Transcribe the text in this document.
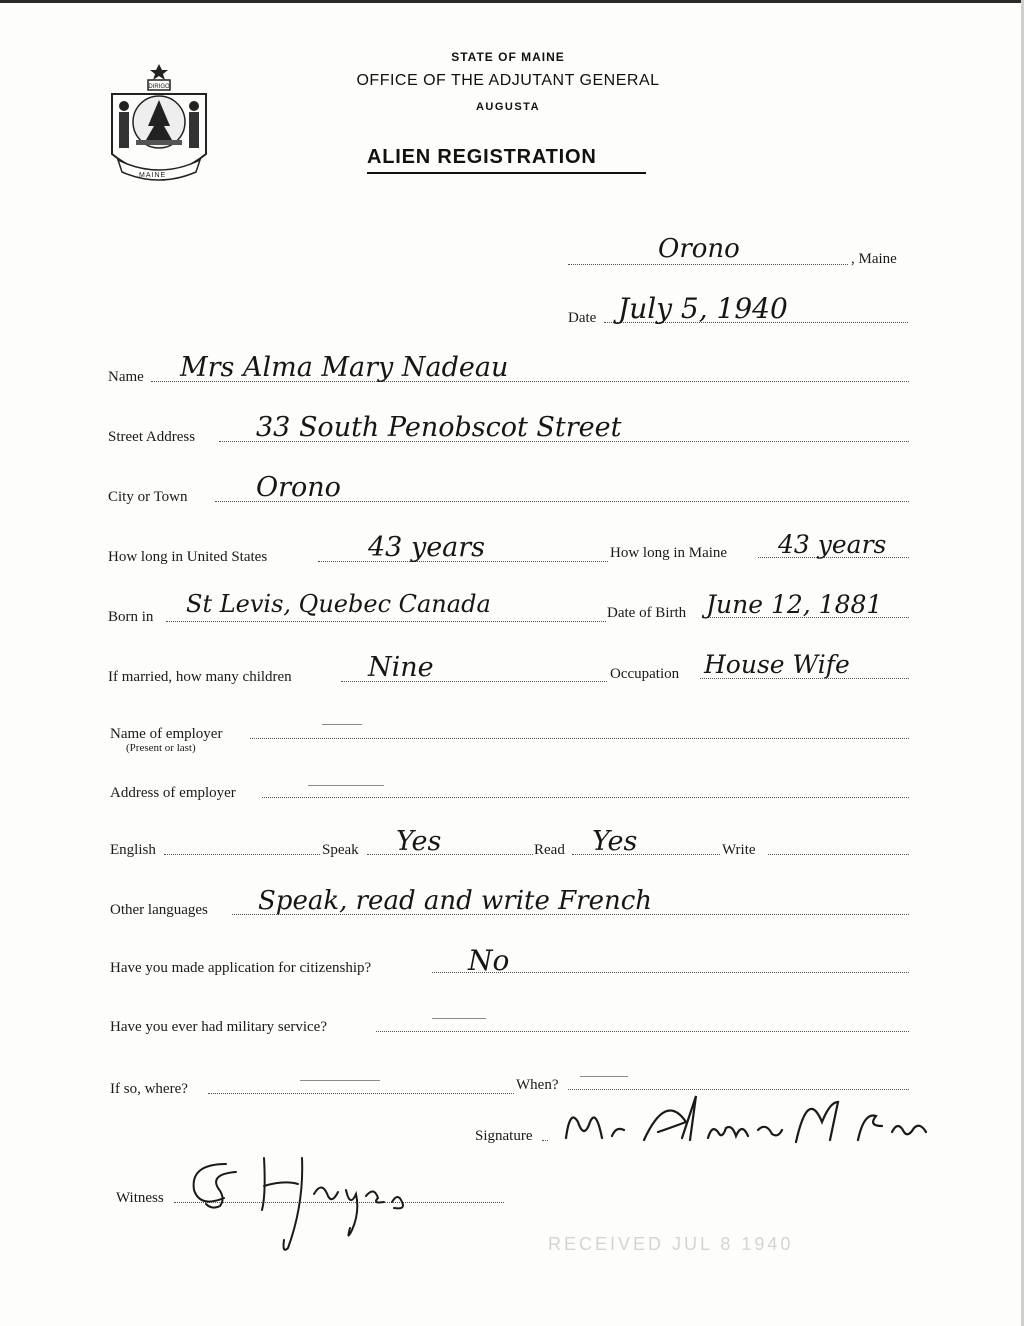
DIRIGO
MAINE
STATE OF MAINE
OFFICE OF THE ADJUTANT GENERAL
AUGUSTA
ALIEN REGISTRATION
Orono	, Maine
Date July 5, 1940
Name Mrs Alma Mary Nadeau
Street Address 33 South Penobscot Street
City or Town	Orono
How long in United States	43 years	How long in Maine 43 years
Born in St Levis, Quebec Canada	Date of Birth June 12, 1881
If married, how many children	Nine	Occupation House Wife
Name of employer
(Present or last)
Address of employer
English	Speak Yes	Read Yes	Write
Other languages Speak, read and write French
Have you made application for citizenship?	No
Have you ever had military service?
If so, where?	When?
Signature
Witness
RECEIVED JUL 8 1940
